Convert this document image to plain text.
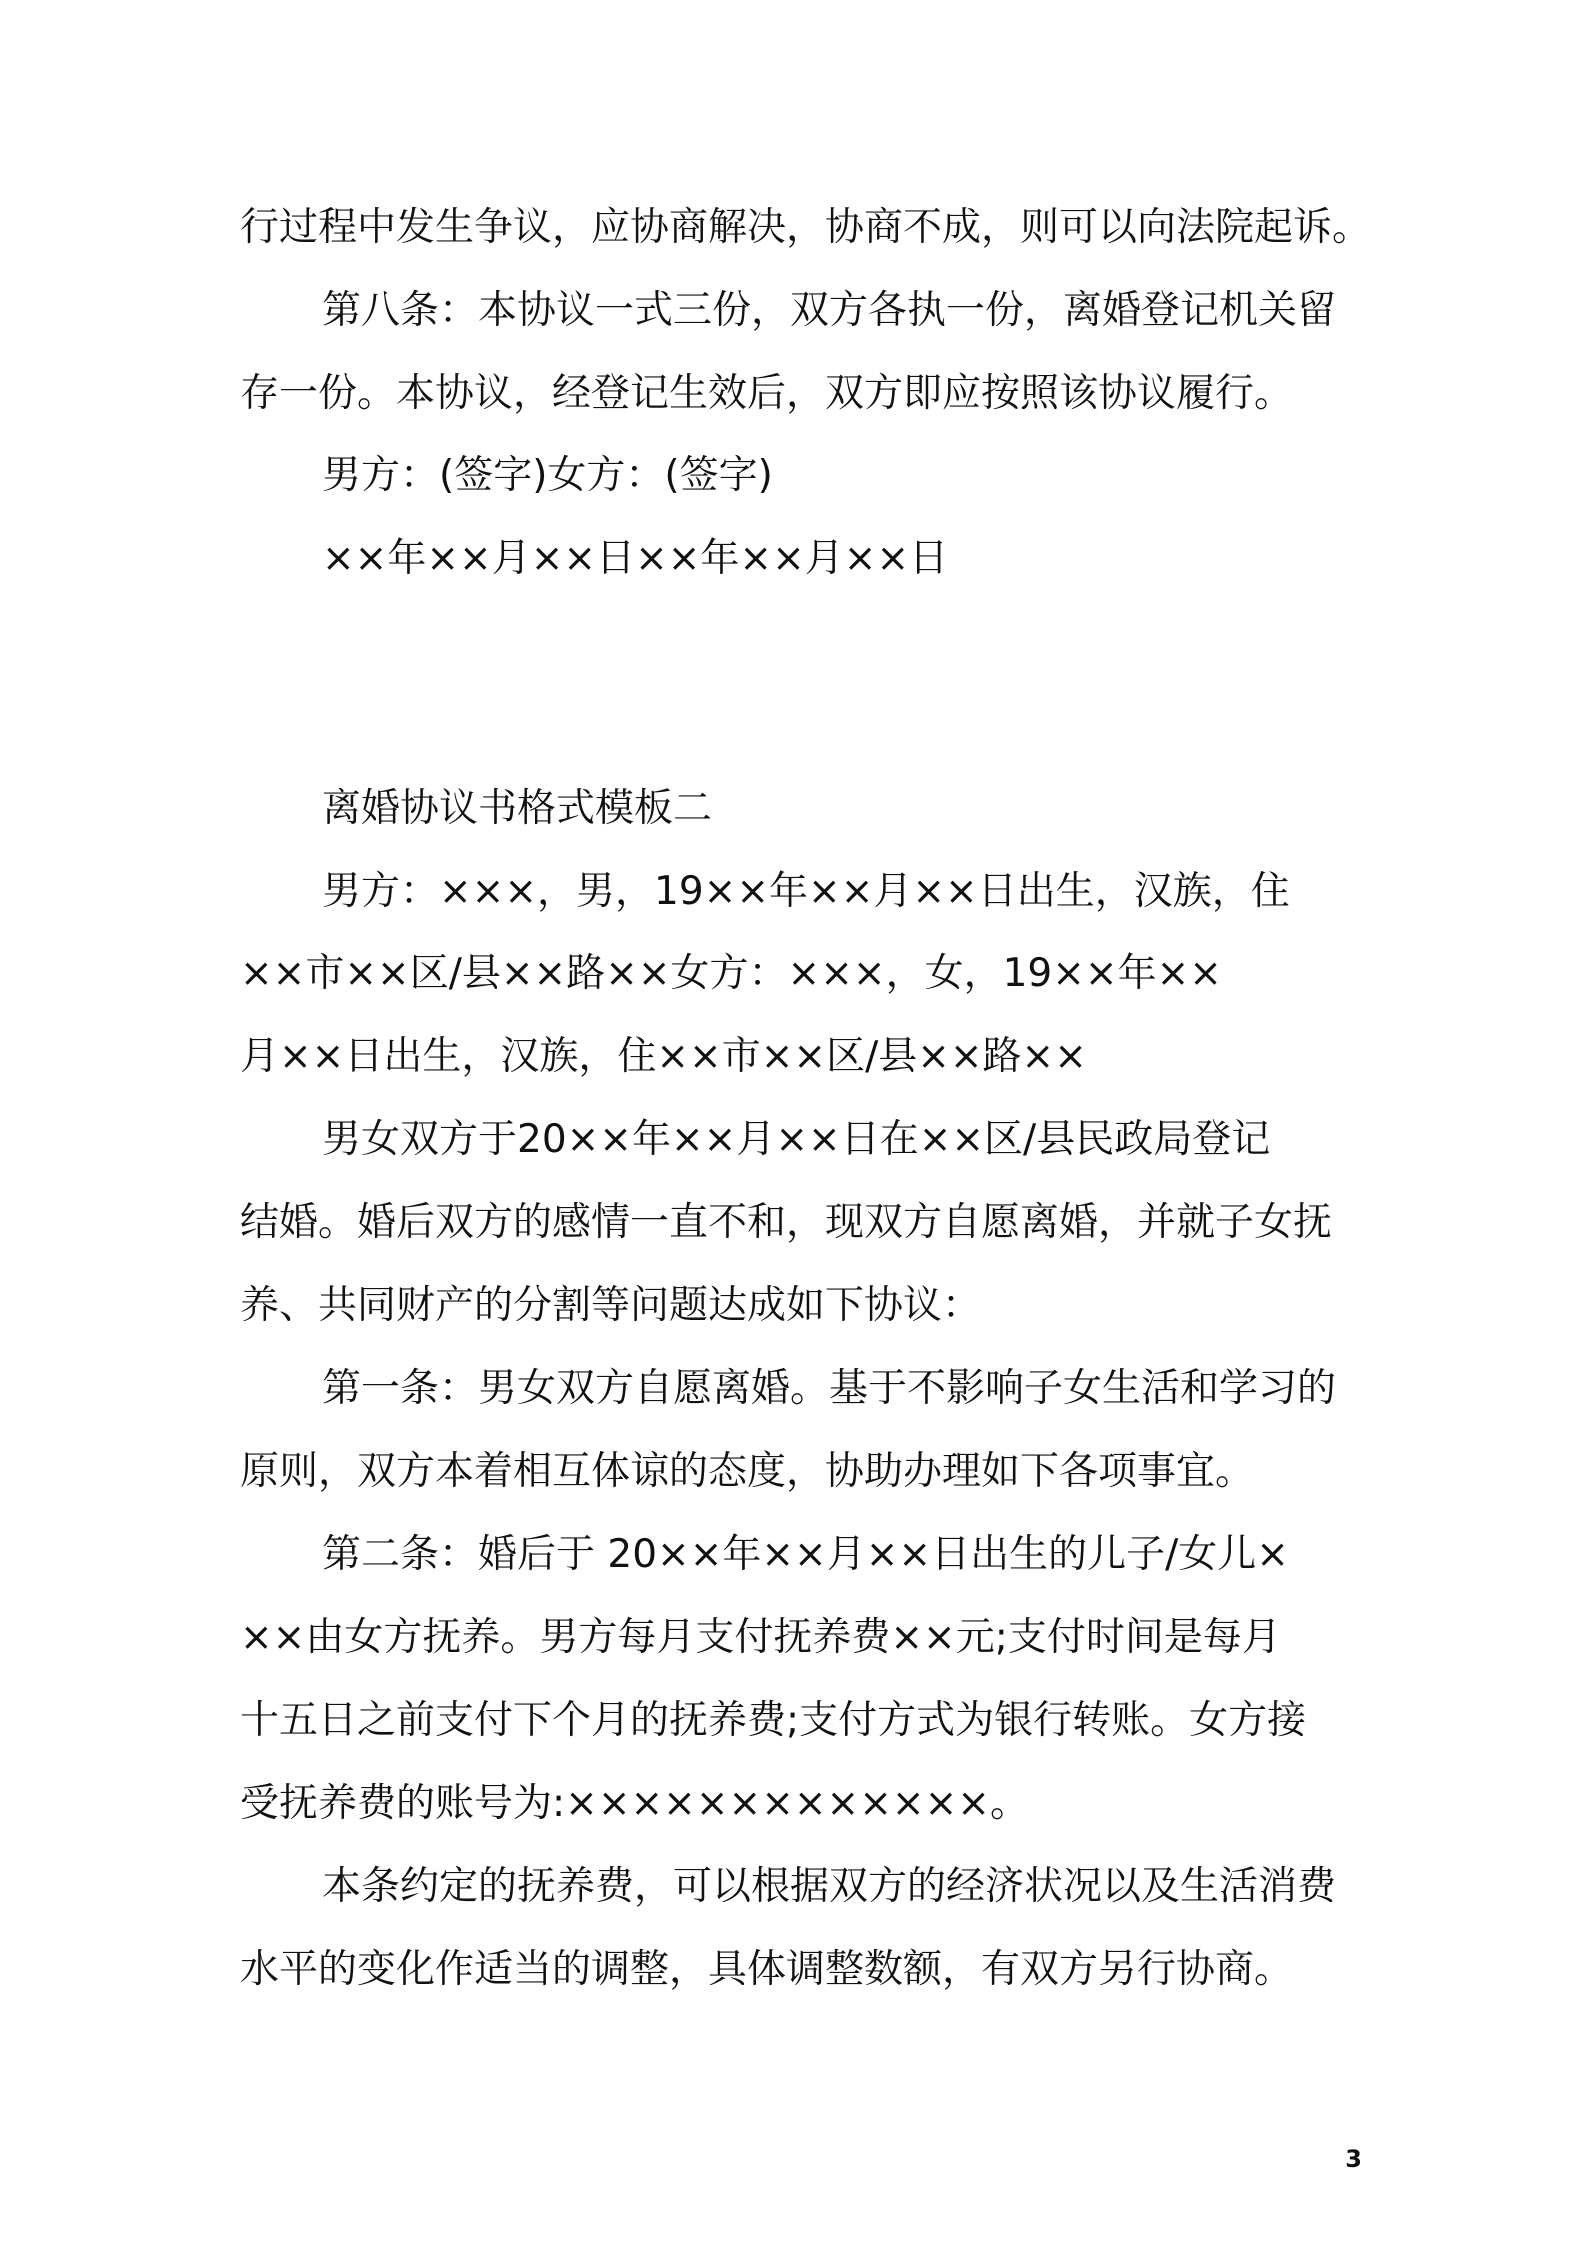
行过程中发生争议，应协商解决，协商不成，则可以向法院起诉。

第八条：本协议一式三份，双方各执一份，离婚登记机关留

存一份。本协议，经登记生效后，双方即应按照该协议履行。

男方：(签字)女方：(签字)

××年××月××日××年××月××日

离婚协议书格式模板二

男方：×××，男，19××年××月××日出生，汉族，住

××市××区/县××路××女方：×××，女，19××年××

月××日出生，汉族，住××市××区/县××路××

男女双方于20××年××月××日在××区/县民政局登记

结婚。婚后双方的感情一直不和，现双方自愿离婚，并就子女抚

养、共同财产的分割等问题达成如下协议：

第一条：男女双方自愿离婚。基于不影响子女生活和学习的

原则，双方本着相互体谅的态度，协助办理如下各项事宜。

第二条：婚后于 20××年××月××日出生的儿子/女儿×

××由女方抚养。男方每月支付抚养费××元;支付时间是每月

十五日之前支付下个月的抚养费;支付方式为银行转账。女方接

受抚养费的账号为:×××××××××××××。

本条约定的抚养费，可以根据双方的经济状况以及生活消费

水平的变化作适当的调整，具体调整数额，有双方另行协商。

3
